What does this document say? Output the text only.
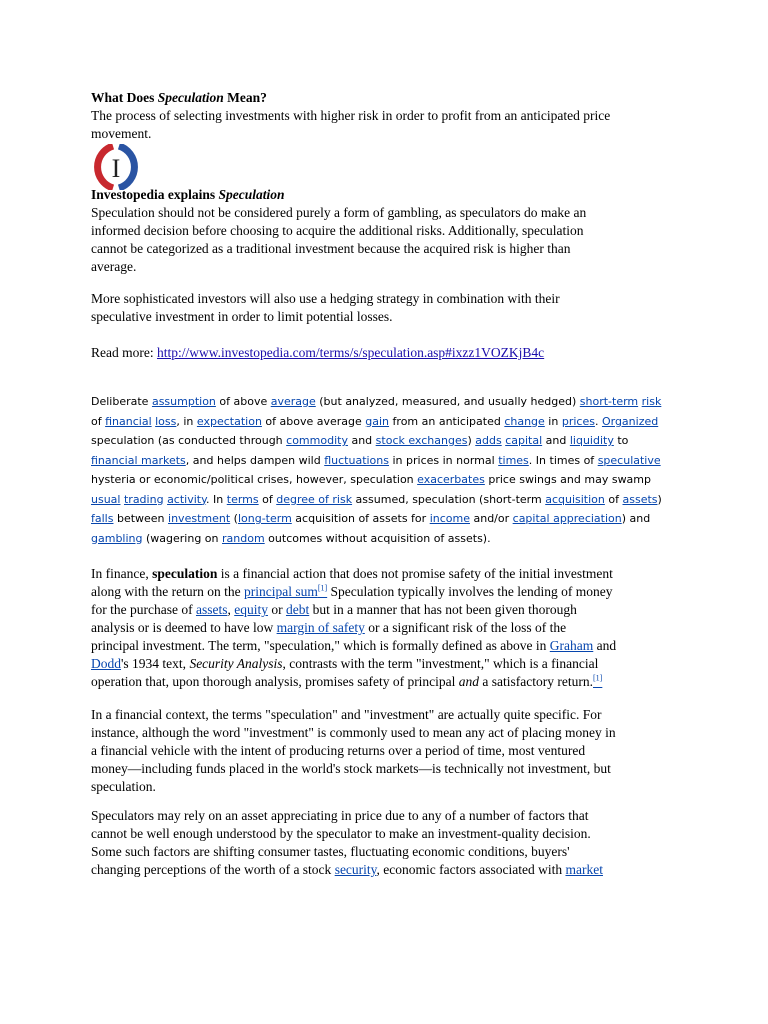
What Does Speculation Mean?
The process of selecting investments with higher risk in order to profit from an anticipated price
movement.
I
Investopedia explains Speculation
Speculation should not be considered purely a form of gambling, as speculators do make an
informed decision before choosing to acquire the additional risks. Additionally, speculation
cannot be categorized as a traditional investment because the acquired risk is higher than
average.
More sophisticated investors will also use a hedging strategy in combination with their
speculative investment in order to limit potential losses.
Read more: http://www.investopedia.com/terms/s/speculation.asp#ixzz1VOZKjB4c
Deliberate assumption of above average (but analyzed, measured, and usually hedged) short-term risk
of financial loss, in expectation of above average gain from an anticipated change in prices. Organized
speculation (as conducted through commodity and stock exchanges) adds capital and liquidity to
financial markets, and helps dampen wild fluctuations in prices in normal times. In times of speculative
hysteria or economic/political crises, however, speculation exacerbates price swings and may swamp
usual trading activity. In terms of degree of risk assumed, speculation (short-term acquisition of assets)
falls between investment (long-term acquisition of assets for income and/or capital appreciation) and
gambling (wagering on random outcomes without acquisition of assets).
In finance, speculation is a financial action that does not promise safety of the initial investment
along with the return on the principal sum[1] Speculation typically involves the lending of money
for the purchase of assets, equity or debt but in a manner that has not been given thorough
analysis or is deemed to have low margin of safety or a significant risk of the loss of the
principal investment. The term, "speculation," which is formally defined as above in Graham and
Dodd's 1934 text, Security Analysis, contrasts with the term "investment," which is a financial
operation that, upon thorough analysis, promises safety of principal and a satisfactory return.[1]
In a financial context, the terms "speculation" and "investment" are actually quite specific. For
instance, although the word "investment" is commonly used to mean any act of placing money in
a financial vehicle with the intent of producing returns over a period of time, most ventured
money—including funds placed in the world's stock markets—is technically not investment, but
speculation.
Speculators may rely on an asset appreciating in price due to any of a number of factors that
cannot be well enough understood by the speculator to make an investment-quality decision.
Some such factors are shifting consumer tastes, fluctuating economic conditions, buyers'
changing perceptions of the worth of a stock security, economic factors associated with market
